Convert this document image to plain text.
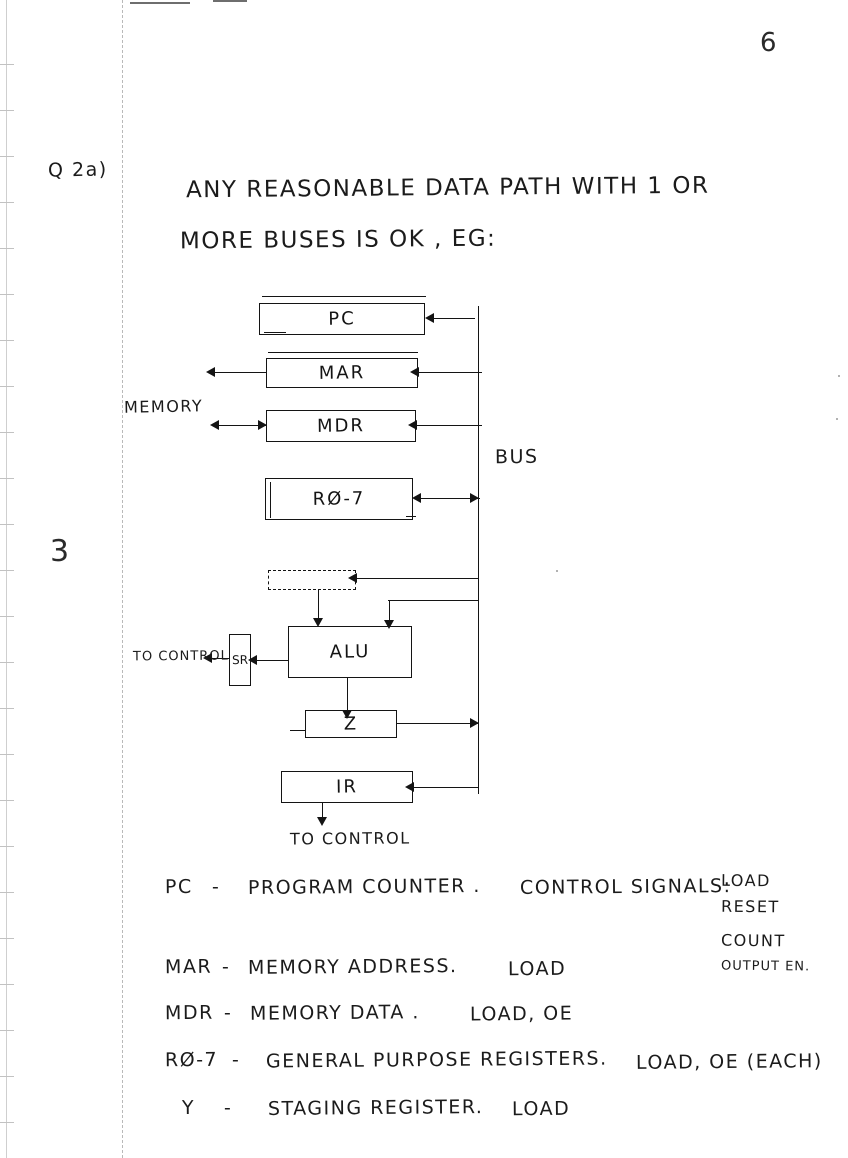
6
3
Q 2a)
ANY REASONABLE DATA PATH WITH 1 OR
MORE BUSES IS OK , EG:
PC
MAR
MEMORY
MDR
RØ-7
BUS
ALU
SR
TO CONTROL
Z
IR
TO CONTROL
PC - PROGRAM COUNTER . CONTROL SIGNALS:
LOAD
RESET
COUNT
OUTPUT EN.
MAR - MEMORY ADDRESS.	LOAD
MDR - MEMORY DATA .	LOAD, OE
RØ-7 - GENERAL PURPOSE REGISTERS. LOAD, OE (EACH)
Y - STAGING REGISTER. LOAD
